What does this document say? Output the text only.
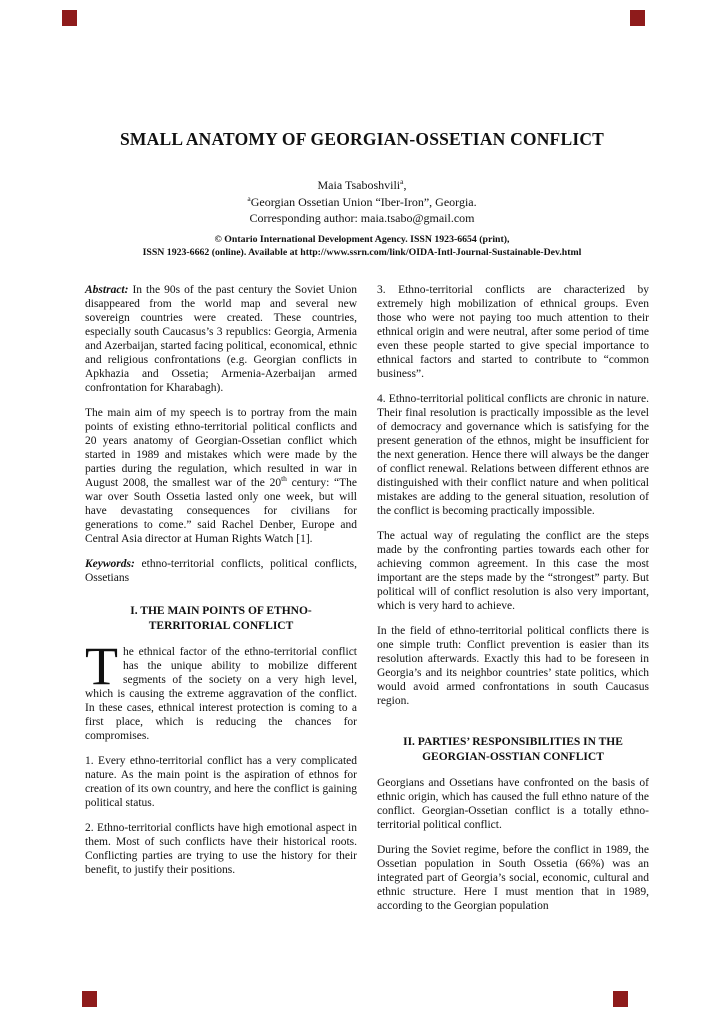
SMALL ANATOMY OF GEORGIAN-OSSETIAN CONFLICT
Maia Tsaboshvili$^a$,
$^a$Georgian Ossetian Union “Iber-Iron”, Georgia.
Corresponding author: maia.tsabo@gmail.com
© Ontario International Development Agency. ISSN 1923-6654 (print),
ISSN 1923-6662 (online). Available at http://www.ssrn.com/link/OIDA-Intl-Journal-Sustainable-Dev.html

Abstract: In the 90s of the past century the Soviet Union disappeared from the world map and several new sovereign countries were created. These countries, especially south Caucasus’s 3 republics: Georgia, Armenia and Azerbaijan, started facing political, economical, ethnic and religious confrontations (e.g. Georgian conflicts in Apkhazia and Ossetia; Armenia-Azerbaijan armed confrontation for Kharabagh).

The main aim of my speech is to portray from the main points of existing ethno-territorial political conflicts and 20 years anatomy of Georgian-Ossetian conflict which started in 1989 and mistakes which were made by the parties during the regulation, which resulted in war in August 2008, the smallest war of the 20th century: “The war over South Ossetia lasted only one week, but will have devastating consequences for civilians for generations to come.” said Rachel Denber, Europe and Central Asia director at Human Rights Watch [1].

Keywords: ethno-territorial conflicts, political conflicts, Ossetians

I. THE MAIN POINTS OF ETHNO-TERRITORIAL CONFLICT

The ethnical factor of the ethno-territorial conflict has the unique ability to mobilize different segments of the society on a very high level, which is causing the extreme aggravation of the conflict. In these cases, ethnical interest protection is coming to a first place, which is reducing the chances for compromises.

1. Every ethno-territorial conflict has a very complicated nature. As the main point is the aspiration of ethnos for creation of its own country, and here the conflict is gaining political status.

2. Ethno-territorial conflicts have high emotional aspect in them. Most of such conflicts have their historical roots. Conflicting parties are trying to use the history for their benefit, to justify their positions.

3. Ethno-territorial conflicts are characterized by extremely high mobilization of ethnical groups. Even those who were not paying too much attention to their ethnical origin and were neutral, after some period of time even these people started to give special importance to ethnical factors and started to contribute to “common business”.

4. Ethno-territorial political conflicts are chronic in nature. Their final resolution is practically impossible as the level of democracy and governance which is satisfying for the present generation of the ethnos, might be insufficient for the next generation. Hence there will always be the danger of conflict renewal. Relations between different ethnos are distinguished with their conflict nature and when political mistakes are adding to the general situation, resolution of the conflict is becoming practically impossible.

The actual way of regulating the conflict are the steps made by the confronting parties towards each other for achieving common agreement. In this case the most important are the steps made by the “strongest” party. But political will of conflict resolution is also very important, which is very hard to achieve.

In the field of ethno-territorial political conflicts there is one simple truth: Conflict prevention is easier than its resolution afterwards. Exactly this had to be foreseen in Georgia’s and its neighbor countries’ state politics, which would avoid armed confrontations in south Caucasus region.

II. PARTIES’ RESPONSIBILITIES IN THE GEORGIAN-OSSTIAN CONFLICT

Georgians and Ossetians have confronted on the basis of ethnic origin, which has caused the full ethno nature of the conflict. Georgian-Ossetian conflict is a totally ethno-territorial political conflict.

During the Soviet regime, before the conflict in 1989, the Ossetian population in South Ossetia (66%) was an integrated part of Georgia’s social, economic, cultural and ethnic structure. Here I must mention that in 1989, according to the Georgian population
